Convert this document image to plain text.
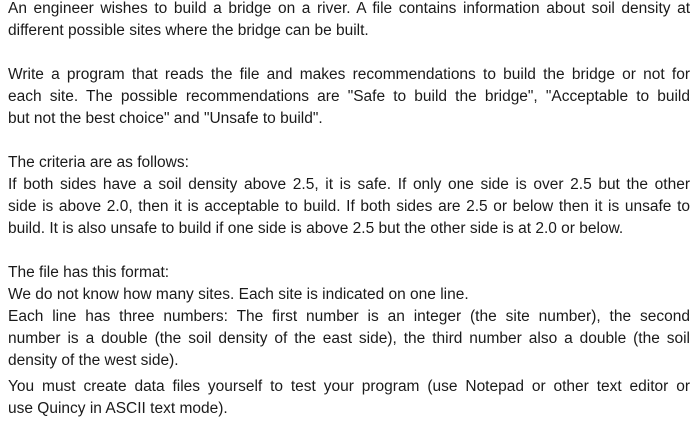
An engineer wishes to build a bridge on a river. A file contains information about soil density at
different possible sites where the bridge can be built.
Write a program that reads the file and makes recommendations to build the bridge or not for
each site. The possible recommendations are "Safe to build the bridge", "Acceptable to build
but not the best choice" and "Unsafe to build".
The criteria are as follows:
If both sides have a soil density above 2.5, it is safe. If only one side is over 2.5 but the other
side is above 2.0, then it is acceptable to build. If both sides are 2.5 or below then it is unsafe to
build. It is also unsafe to build if one side is above 2.5 but the other side is at 2.0 or below.
The file has this format:
We do not know how many sites. Each site is indicated on one line.
Each line has three numbers: The first number is an integer (the site number), the second
number is a double (the soil density of the east side), the third number also a double (the soil
density of the west side).
You must create data files yourself to test your program (use Notepad or other text editor or
use Quincy in ASCII text mode).
